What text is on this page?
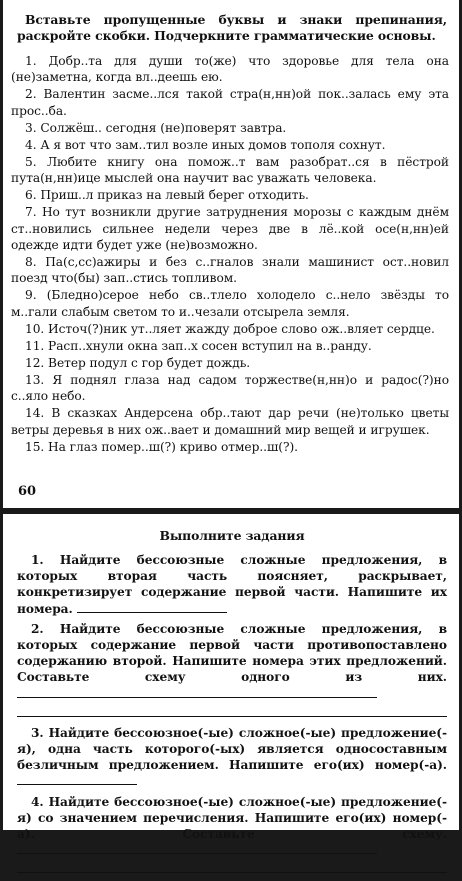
Вставьте пропущенные буквы и знаки препинания, раскройте скобки. Подчеркните грамматические основы.

1. Добр..та для души то(же) что здоровье для тела она (не)заметна, когда вл..деешь ею.

2. Валентин засме..лся такой стра(н,нн)ой пок..залась ему эта прос..ба.

3. Солжёш.. сегодня (не)поверят завтра.

4. А я вот что зам..тил возле иных домов тополя сохнут.

5. Любите книгу она помож..т вам разобрат..ся в пёстрой пута(н,нн)ице мыслей она научит вас уважать человека.

6. Приш..л приказ на левый берег отходить.

7. Но тут возникли другие затруднения морозы с каждым днём ст..новились сильнее недели через две в лё..кой осе(н,нн)ей одежде идти будет уже (не)возможно.

8. Па(с,сс)ажиры и без с..гналов знали машинист ост..новил поезд что(бы) зап..стись топливом.

9. (Бледно)серое небо св..тлело холодело с..нело звёзды то м..гали слабым светом то и..чезали отсырела земля.

10. Источ(?)ник ут..ляет жажду доброе слово ож..вляет сердце.

11. Расп..хнули окна зап..х сосен вступил на в..ранду.

12. Ветер подул с гор будет дождь.

13. Я поднял глаза над садом торжестве(н,нн)о и радос(?)но с..яло небо.

14. В сказках Андерсена обр..тают дар речи (не)только цветы ветры деревья в них ож..вает и домашний мир вещей и игрушек.

15. На глаз помер..ш(?) криво отмер..ш(?).

60
Выполните задания
1. Найдите бессоюзные сложные предложения, в которых вторая часть поясняет, раскрывает, конкретизирует содержание первой части. Напишите их номера.
2. Найдите бессоюзные сложные предложения, в которых содержание первой части противопоставлено содержанию второй. Напишите номера этих предложений. Составьте схему одного из них.
3. Найдите бессоюзное(-ые) сложное(-ые) предложение(-я), одна часть которого(-ых) является односоставным безличным предложением. Напишите его(их) номер(-а).
4. Найдите бессоюзное(-ые) сложное(-ые) предложение(-я) со значением перечисления. Напишите его(их) номер(-а). Составьте схему.
